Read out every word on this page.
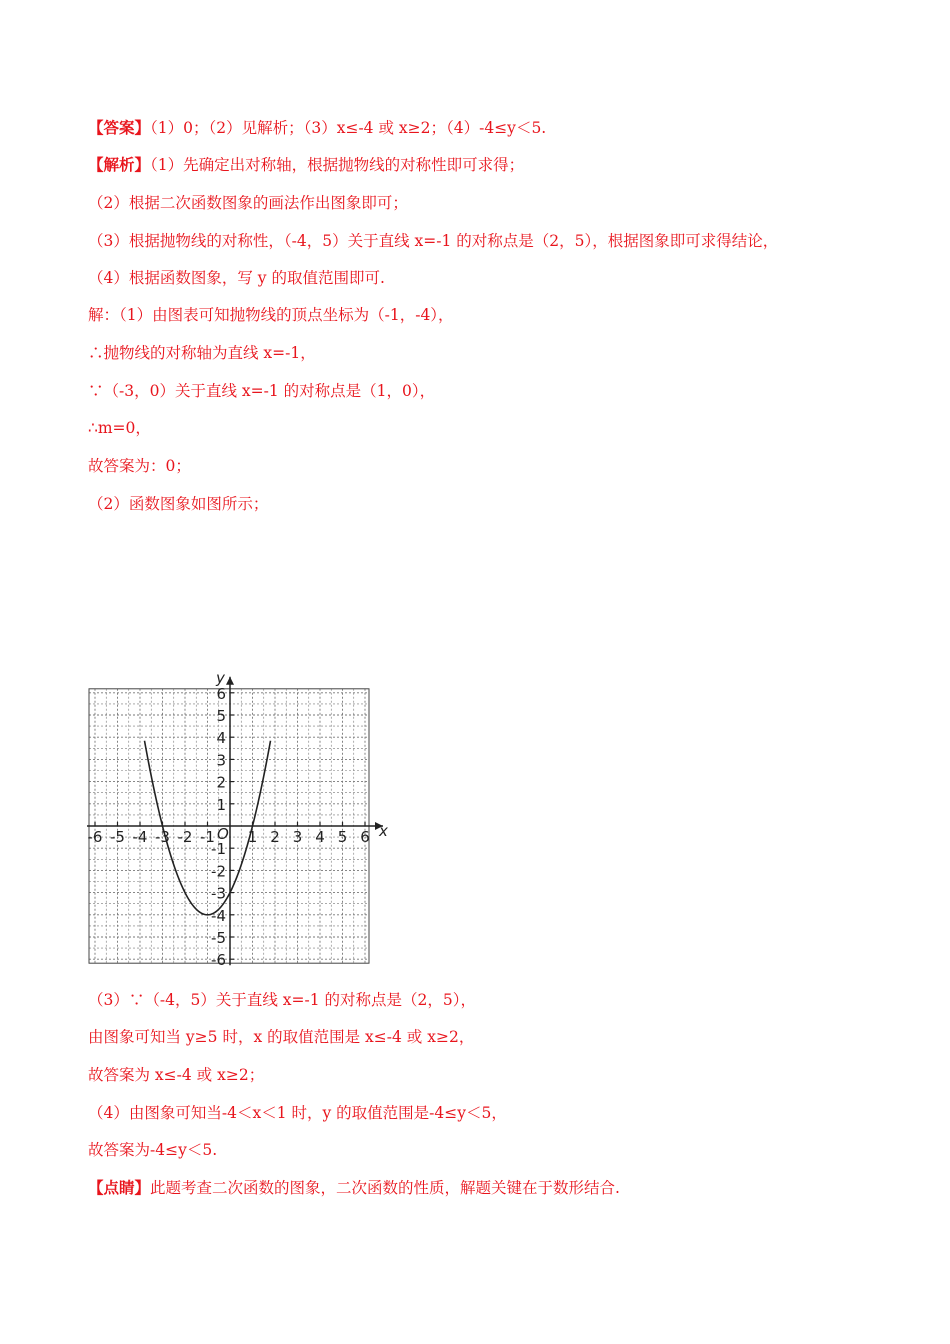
【答案】（1）0；（2）见解析；（3）x≤-4 或 x≥2；（4）-4≤y＜5.
【解析】（1）先确定出对称轴，根据抛物线的对称性即可求得；
（2）根据二次函数图象的画法作出图象即可；
（3）根据抛物线的对称性，（-4，5）关于直线 x=-1 的对称点是（2，5），根据图象即可求得结论，
（4）根据函数图象，写 y 的取值范围即可.
解：（1）由图表可知抛物线的顶点坐标为（-1，-4），
∴抛物线的对称轴为直线 x=-1，
∵（-3，0）关于直线 x=-1 的对称点是（1，0），
∴m=0，
故答案为：0；
（2）函数图象如图所示；
（3）∵（-4，5）关于直线 x=-1 的对称点是（2，5），
由图象可知当 y≥5 时，x 的取值范围是 x≤-4 或 x≥2，
故答案为 x≤-4 或 x≥2；
（4）由图象可知当-4＜x＜1 时，y 的取值范围是-4≤y＜5，
故答案为-4≤y＜5.
【点睛】此题考查二次函数的图象，二次函数的性质，解题关键在于数形结合.
-6 -5 -4 -3 -2 -1 1 2 3 4 5 6
6
5
4
3
2
1
-1
-2
-3
-4
-5
-6
x
y
O
